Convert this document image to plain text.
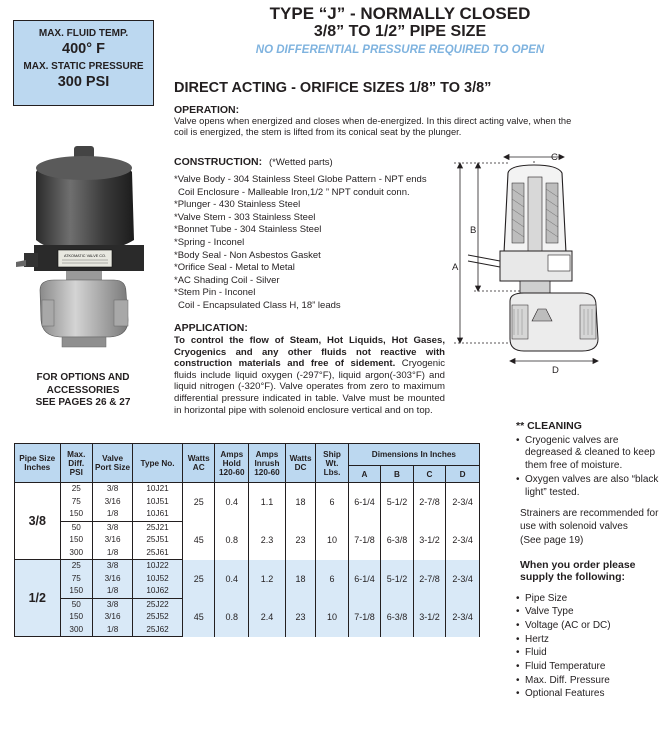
MAX. FLUID TEMP.
400° F
MAX. STATIC PRESSURE
300 PSI
TYPE “J” - NORMALLY CLOSED
3/8” TO 1/2” PIPE SIZE
NO DIFFERENTIAL PRESSURE REQUIRED TO OPEN
DIRECT ACTING - ORIFICE SIZES 1/8” TO 3/8”
OPERATION:
Valve opens when energized and closes when de-energized. In this direct acting valve, when the
coil is energized, the stem is lifted from its conical seat by the plunger.
CONSTRUCTION: (*Wetted parts)
*Valve Body - 304 Stainless Steel Globe Pattern - NPT ends
Coil Enclosure - Malleable Iron,1/2 ” NPT conduit conn.
*Plunger - 430 Stainless Steel
*Valve Stem - 303 Stainless Steel
*Bonnet Tube - 304 Stainless Steel
*Spring - Inconel
*Body Seal - Non Asbestos Gasket
*Orifice Seal - Metal to Metal
*AC Shading Coil - Silver
*Stem Pin - Inconel
Coil - Encapsulated Class H, 18” leads
APPLICATION:
To control the flow of Steam, Hot Liquids, Hot Gases, Cryogenics and any other fluids not reactive with construction materials and free of sidement. Cryogenic fluids include liquid oxygen (-297°F), liquid argon(-303°F) and liquid nitrogen (-320°F). Valve operates from zero to maximum differential pressure indicated in table. Valve must be mounted in horizontal pipe with solenoid enclosure vertical and on top.
FOR OPTIONS AND
ACCESSORIES
SEE PAGES 26 & 27
ATKOMATIC VALVE CO.
C
B
A
D
Pipe Size Inches	Max. Diff. PSI	Valve Port Size	Type No.	Watts AC	Amps Hold 120-60	Amps Inrush 120-60	Watts DC	Ship Wt. Lbs.	Dimensions In Inches			
									A	B	C	D
3/8	25	3/8	10J21	25	0.4	1.1	18	6	6-1/4	5-1/2	2-7/8	2-3/4
	75	3/16	10J51									
	150	1/8	10J61									
	50	3/8	25J21	45	0.8	2.3	23	10	7-1/8	6-3/8	3-1/2	2-3/4
	150	3/16	25J51									
	300	1/8	25J61									
1/2	25	3/8	10J22	25	0.4	1.2	18	6	6-1/4	5-1/2	2-7/8	2-3/4
	75	3/16	10J52									
	150	1/8	10J62									
	50	3/8	25J22	45	0.8	2.4	23	10	7-1/8	6-3/8	3-1/2	2-3/4
	150	3/16	25J52									
	300	1/8	25J62									
** CLEANING
• Cryogenic valves are degreased & cleaned to keep them free of moisture.
• Oxygen valves are also “black light” tested.
Strainers are recommended for use with solenoid valves
(See page 19)
When you order please supply the following:
• Pipe Size
• Valve Type
• Voltage (AC or DC)
• Hertz
• Fluid
• Fluid Temperature
• Max. Diff. Pressure
• Optional Features
